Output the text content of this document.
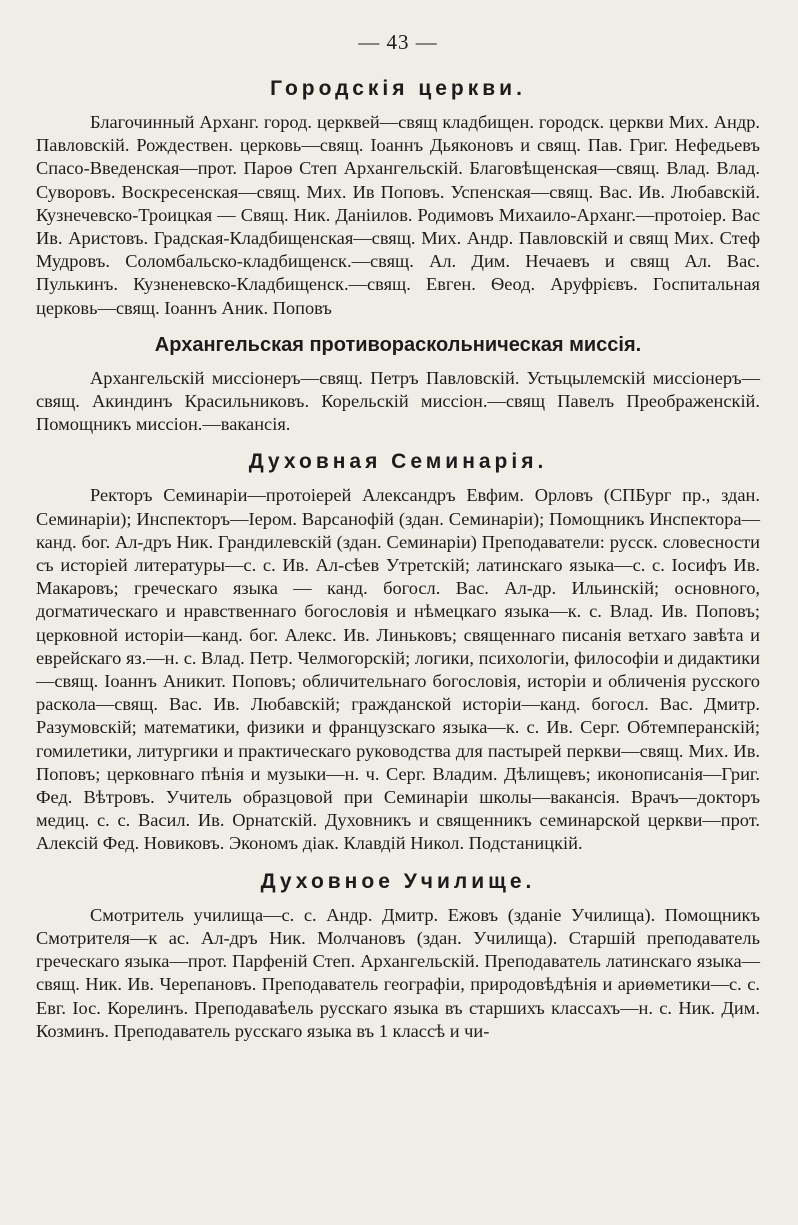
— 43 —
Городскія церкви.

Благочинный Арханг. город. церквей—свящ кладбищен. городск. церкви Мих. Андр. Павловскій. Рождествен. церковь—свящ. Іоаннъ Дьяконовъ и свящ. Пав. Григ. Нефедьевъ Спасо-Введенская—прот. Пароѳ Степ Архангельскій. Благовѣщенская—свящ. Влад. Влад. Суворовъ. Воскресенская—свящ. Мих. Ив Поповъ. Успенская—свящ. Вас. Ив. Любавскій. Кузнечевско-Троицкая — Свящ. Ник. Даніилов. Родимовъ Михаило-Арханг.—протоіер. Вас Ив. Аристовъ. Градская-Кладбищенская—свящ. Мих. Андр. Павловскій и свящ Мих. Стеф Мудровъ. Соломбальско-кладбищенск.—свящ. Ал. Дим. Нечаевъ и свящ Ал. Вас. Пулькинъ. Кузненевско-Кладбищенск.—свящ. Евген. Ѳеод. Аруфрієвъ. Госпитальная церковь—свящ. Іоаннъ Аник. Поповъ

Архангельская противораскольническая миссія.

Архангельскій миссіонеръ—свящ. Петръ Павловскій. Устьцылемскій миссіонеръ—свящ. Акиндинъ Красильниковъ. Корельскій миссіон.—свящ Павелъ Преображенскій. Помощникъ миссіон.—вакансія.

Духовная Семинарія.

Ректоръ Семинаріи—протоіерей Александръ Евфим. Орловъ (СПБург пр., здан. Семинаріи); Инспекторъ—Іером. Варсанофій (здан. Семинаріи); Помощникъ Инспектора—канд. бог. Ал-дръ Ник. Грандилевскій (здан. Семинаріи) Преподаватели: русск. словесности съ исторіей литературы—с. с. Ив. Ал-сѣев Утретскій; латинскаго языка—с. с. Іосифъ Ив. Макаровъ; греческаго языка — канд. богосл. Вас. Ал-др. Ильинскій; основного, догматическаго и нравственнаго богословія и нѣмецкаго языка—к. с. Влад. Ив. Поповъ; церковной исторіи—канд. бог. Алекс. Ив. Линьковъ; священнаго писанія ветхаго завѣта и еврейскаго яз.—н. с. Влад. Петр. Челмогорскій; логики, психологіи, философіи и дидактики—свящ. Іоаннъ Аникит. Поповъ; обличительнаго богословія, исторіи и обличенія русского раскола—свящ. Вас. Ив. Любавскій; гражданской исторіи—канд. богосл. Вас. Дмитр. Разумовскій; математики, физики и французскаго языка—к. с. Ив. Серг. Обтемперанскій; гомилетики, литургики и практическаго руководства для пастырей перкви—свящ. Мих. Ив. Поповъ; церковнаго пѣнія и музыки—н. ч. Серг. Владим. Дѣлищевъ; иконописанія—Григ. Фед. Вѣтровъ. Учитель образцовой при Семинаріи школы—вакансія. Врачъ—докторъ медиц. с. с. Васил. Ив. Орнатскій. Духовникъ и священникъ семинарской церкви—прот. Алексій Фед. Новиковъ. Экономъ діак. Клавдій Никол. Подстаницкій.

Духовное Училище.

Смотритель училища—с. с. Андр. Дмитр. Ежовъ (зданіе Училища). Помощникъ Смотрителя—к ас. Ал-дръ Ник. Молчановъ (здан. Училища). Старшій преподаватель греческаго языка—прот. Парфеній Степ. Архангельскій. Преподаватель латинскаго языка—свящ. Ник. Ив. Черепановъ. Преподаватель географіи, природовѣдѣнія и ариѳметики—с. с. Евг. Іос. Корелинъ. Преподаваѣель русскаго языка въ старшихъ классахъ—н. с. Ник. Дим. Козминъ. Преподаватель русскаго языка въ 1 классѣ и чи-
